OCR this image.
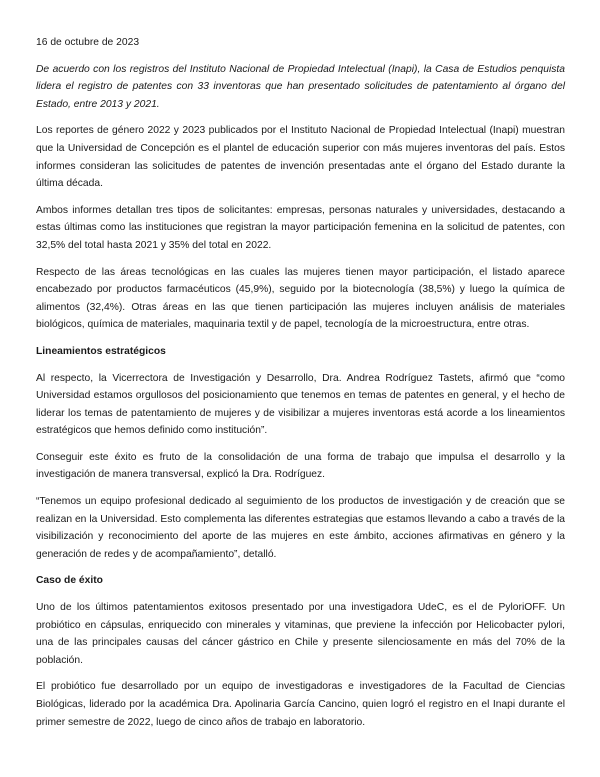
16 de octubre de 2023

De acuerdo con los registros del Instituto Nacional de Propiedad Intelectual (Inapi), la Casa de Estudios penquista lidera el registro de patentes con 33 inventoras que han presentado solicitudes de patentamiento al órgano del Estado, entre 2013 y 2021.

Los reportes de género 2022 y 2023 publicados por el Instituto Nacional de Propiedad Intelectual (Inapi) muestran que la Universidad de Concepción es el plantel de educación superior con más mujeres inventoras del país. Estos informes consideran las solicitudes de patentes de invención presentadas ante el órgano del Estado durante la última década.

Ambos informes detallan tres tipos de solicitantes: empresas, personas naturales y universidades, destacando a estas últimas como las instituciones que registran la mayor participación femenina en la solicitud de patentes, con 32,5% del total hasta 2021 y 35% del total en 2022.

Respecto de las áreas tecnológicas en las cuales las mujeres tienen mayor participación, el listado aparece encabezado por productos farmacéuticos (45,9%), seguido por la biotecnología (38,5%) y luego la química de alimentos (32,4%). Otras áreas en las que tienen participación las mujeres incluyen análisis de materiales biológicos, química de materiales, maquinaria textil y de papel, tecnología de la microestructura, entre otras.

Lineamientos estratégicos

Al respecto, la Vicerrectora de Investigación y Desarrollo, Dra. Andrea Rodríguez Tastets, afirmó que “como Universidad estamos orgullosos del posicionamiento que tenemos en temas de patentes en general, y el hecho de liderar los temas de patentamiento de mujeres y de visibilizar a mujeres inventoras está acorde a los lineamientos estratégicos que hemos definido como institución”.

Conseguir este éxito es fruto de la consolidación de una forma de trabajo que impulsa el desarrollo y la investigación de manera transversal, explicó la Dra. Rodríguez.

“Tenemos un equipo profesional dedicado al seguimiento de los productos de investigación y de creación que se realizan en la Universidad. Esto complementa las diferentes estrategias que estamos llevando a cabo a través de la visibilización y reconocimiento del aporte de las mujeres en este ámbito, acciones afirmativas en género y la generación de redes y de acompañamiento”, detalló.

Caso de éxito

Uno de los últimos patentamientos exitosos presentado por una investigadora UdeC, es el de PyloriOFF. Un probiótico en cápsulas, enriquecido con minerales y vitaminas, que previene la infección por Helicobacter pylori, una de las principales causas del cáncer gástrico en Chile y presente silenciosamente en más del 70% de la población.

El probiótico fue desarrollado por un equipo de investigadoras e investigadores de la Facultad de Ciencias Biológicas, liderado por la académica Dra. Apolinaria García Cancino, quien logró el registro en el Inapi durante el primer semestre de 2022, luego de cinco años de trabajo en laboratorio.
